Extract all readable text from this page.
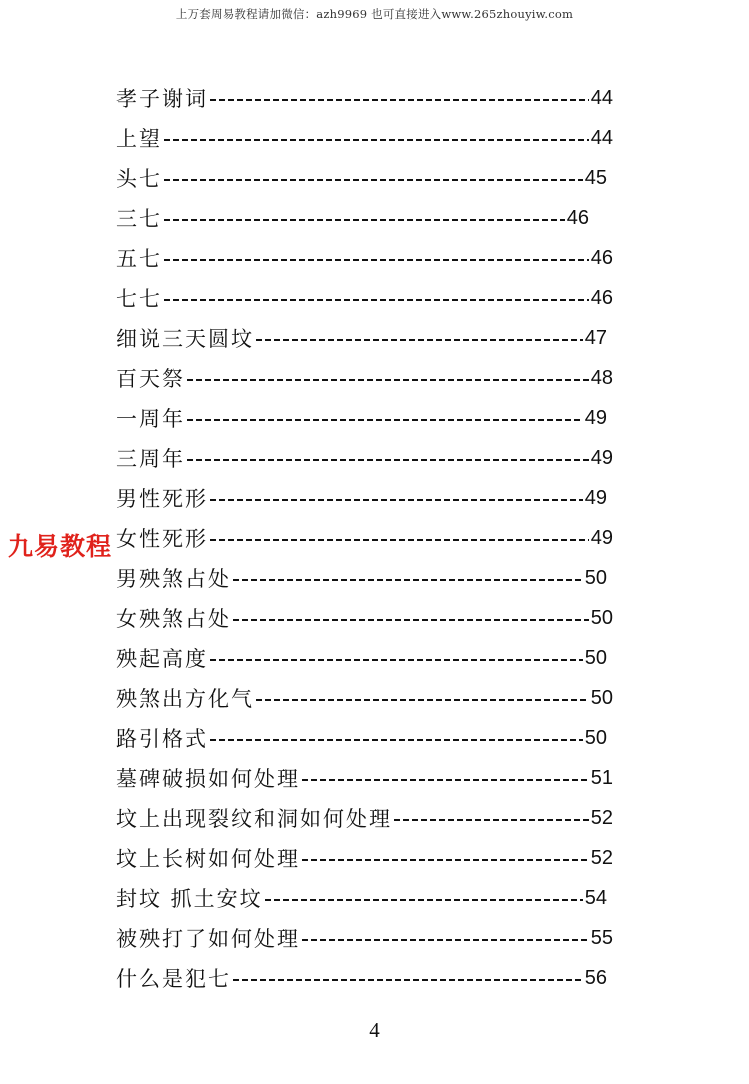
上万套周易教程请加微信：azh9969 也可直接进入www.265zhouyiw.com
九易教程
孝子谢词	44
上望	44
头七	45
三七	46
五七	46
七七	46
细说三天圆坟	47
百天祭	48
一周年	49
三周年	49
男性死形	49
女性死形	49
男殃煞占处	50
女殃煞占处	50
殃起高度	50
殃煞出方化气	50
路引格式	50
墓碑破损如何处理	51
坟上出现裂纹和洞如何处理	52
坟上长树如何处理	52
封坟 抓土安坟	54
被殃打了如何处理	55
什么是犯七	56
4
